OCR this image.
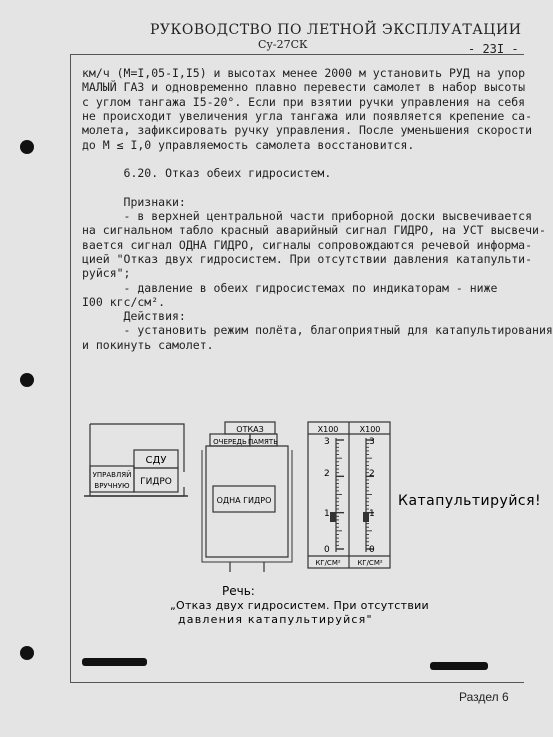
РУКОВОДСТВО ПО ЛЕТНОЙ ЭКСПЛУАТАЦИИ
Су-27СК	- 23I -
км/ч (М=I,05-I,I5) и высотах менее 2000 м установить РУД на упор
МАЛЫЙ ГАЗ и одновременно плавно перевести самолет в набор высоты
с углом тангажа I5-20°. Если при взятии ручки управления на себя
не происходит увеличения угла тангажа или появляется крепение са-
молета, зафиксировать ручку управления. После уменьшения скорости
до М ≤ I,0 управляемость самолета восстановится.
6.20. Отказ обеих гидросистем.
Признаки:
- в верхней центральной части приборной доски высвечивается
на сигнальном табло красный аварийный сигнал ГИДРО, на УСТ высвечи-
вается сигнал ОДНА ГИДРО, сигналы сопровождаются речевой информа-
цией "Отказ двух гидросистем. При отсутствии давления катапульти-
руйся";
- давление в обеих гидросистемах по индикаторам - ниже
I00 кгс/см².
Действия:
- установить режим полёта, благоприятный для катапультирования
и покинуть самолет.
СДУ
УПРАВЛЯЙ
ВРУЧНУЮ ГИДРО
ОТКАЗ
ОЧЕРЕДЬ ПАМЯТЬ
ОДНА ГИДРО
X100	X100
3
2
1
0
3
2
1
0
КГ/СМ² КГ/СМ²
Катапультируйся!
Речь:
„Отказ двух гидросистем. При отсутствии
давления катапультируйся"
Раздел 6
